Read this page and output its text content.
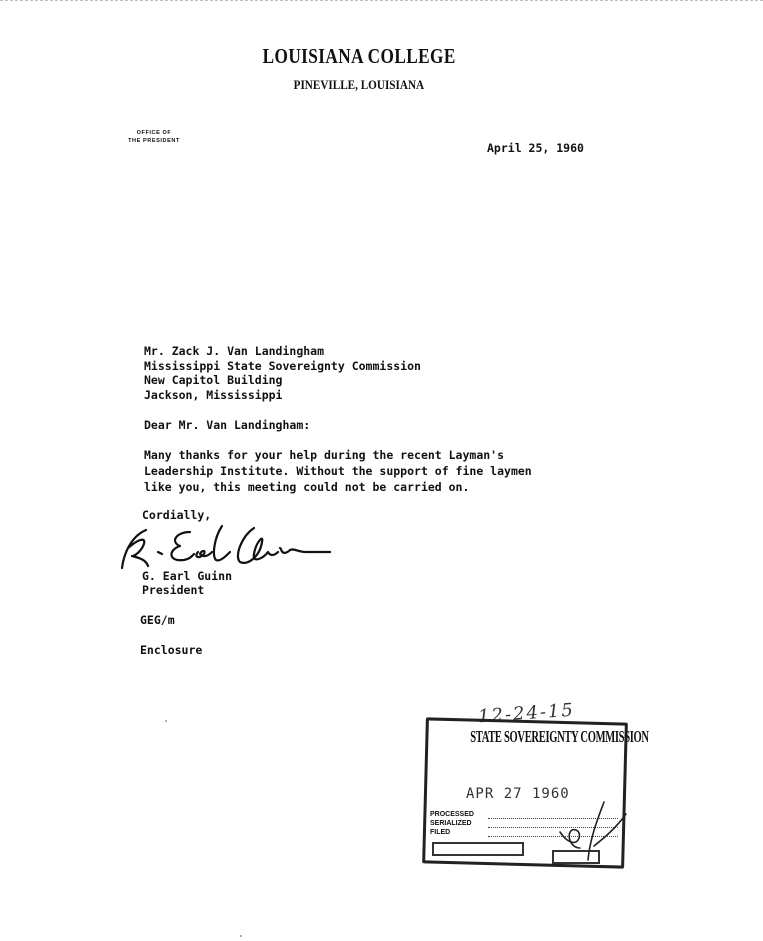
LOUISIANA COLLEGE
PINEVILLE, LOUISIANA
OFFICE OF
THE PRESIDENT	April 25, 1960
Mr. Zack J. Van Landingham
Mississippi State Sovereignty Commission
New Capitol Building
Jackson, Mississippi
Dear Mr. Van Landingham:
Many thanks for your help during the recent Layman's
Leadership Institute. Without the support of fine laymen
like you, this meeting could not be carried on.
Cordially,
G. Earl Guinn
President
GEG/m
Enclosure
12-24-15
STATE SOVEREIGNTY COMMISSION
APR 27 1960
PROCESSED
SERIALIZED
FILED
